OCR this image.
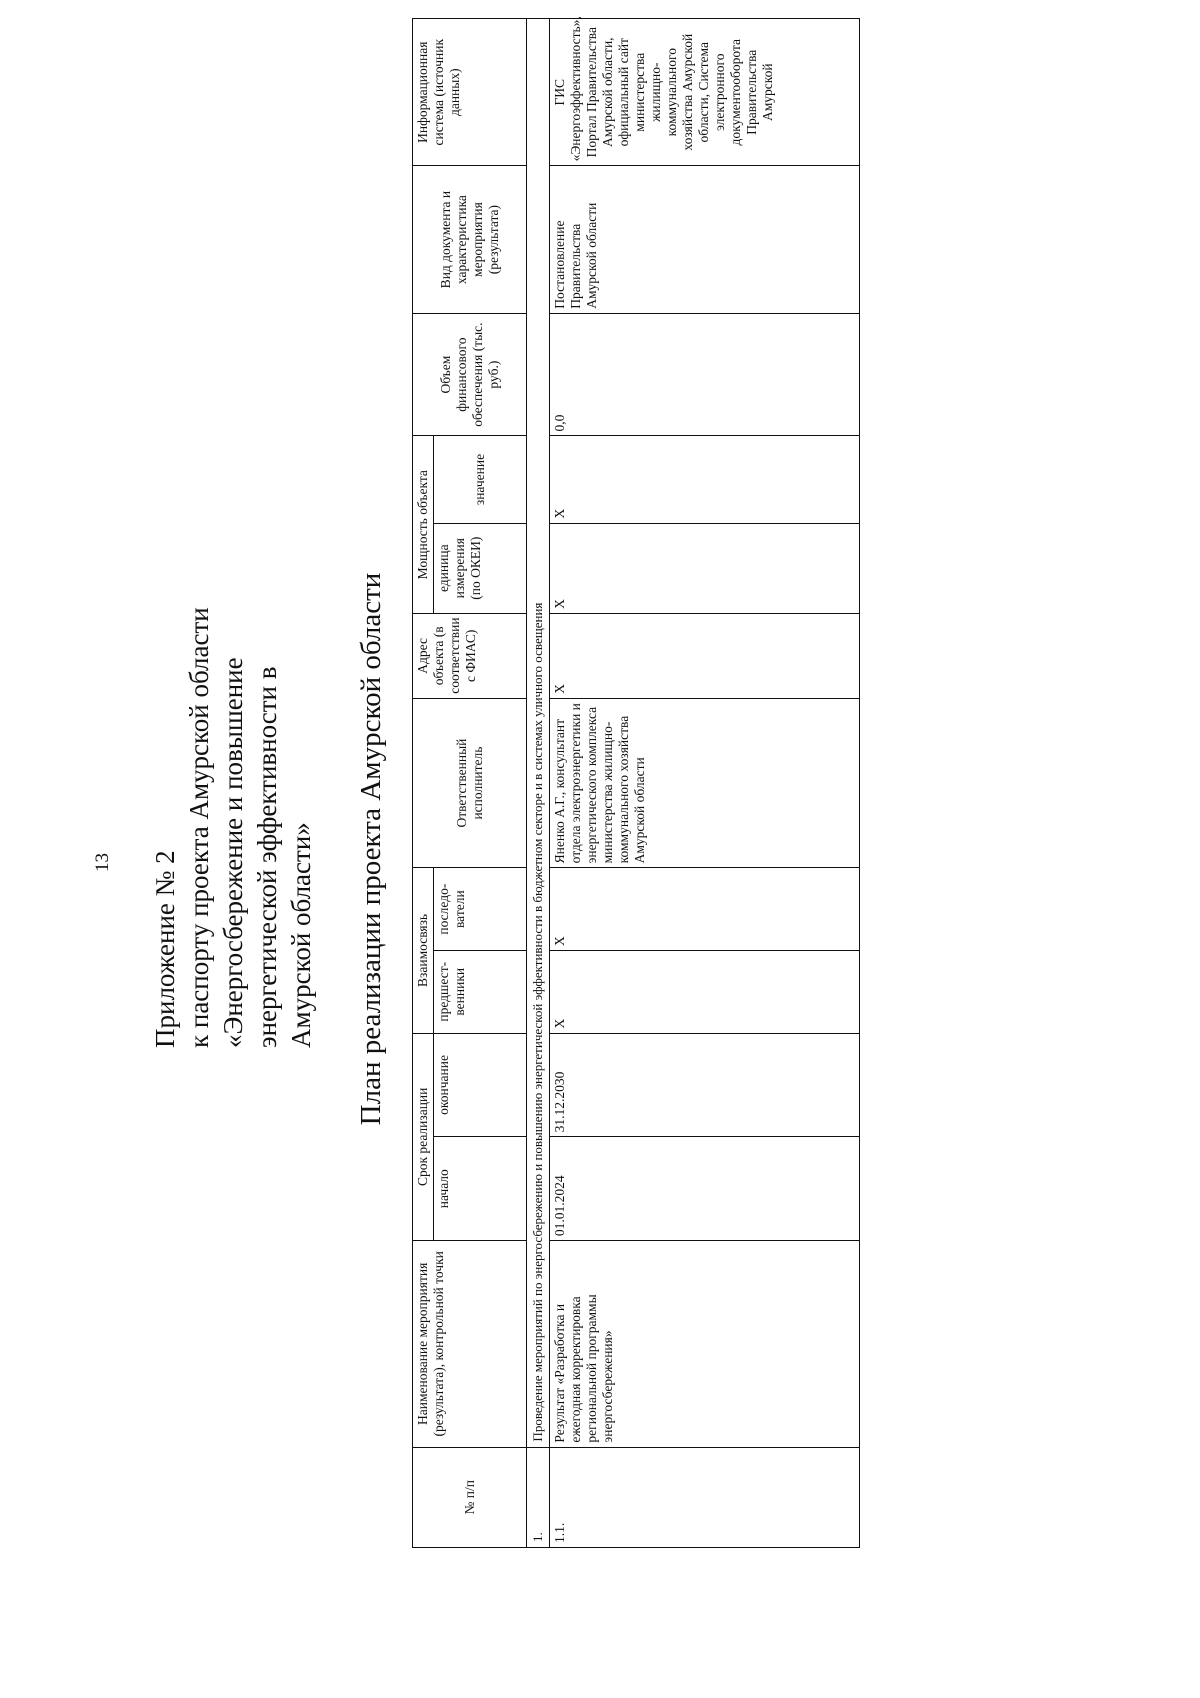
13 Приложение № 2 к паспорту проекта Амурской области «Энергосбережение и повышение энергетической эффективности в Амурской области» План реализации проекта Амурской области
№ п/п	Наименование мероприятия (результата), контрольной точки	Срок реализации		Взаимосвязь		Ответственный исполнитель	Адрес объекта (в соответствии с ФИАС)	Мощность объекта		Объем финансового обеспечения (тыс. руб.)	Вид документа и характеристика мероприятия (результата)	Информационная система (источник данных)
		начало	окончание	предшест-венники	последо-ватели			единица измерения (по ОКЕИ)	значение			
1.	Проведение мероприятий по энергосбережению и повышению энергетической эффективности в бюджетном секторе и в системах уличного освещения											
1.1.	Результат «Разработка и ежегодная корректировка региональной программы энергосбережения»	01.01.2024	31.12.2030	Х	Х	Яненко А.Г., консультант отдела электроэнергетики и энергетического комплекса министерства жилищно-коммунального хозяйства Амурской области	Х	Х	Х	0,0	Постановление Правительства Амурской области	ГИС «Энергоэффективность», Портал Правительства Амурской области, официальный сайт министерства жилищно-коммунального хозяйства Амурской области, Система электронного документооборота Правительства Амурской
